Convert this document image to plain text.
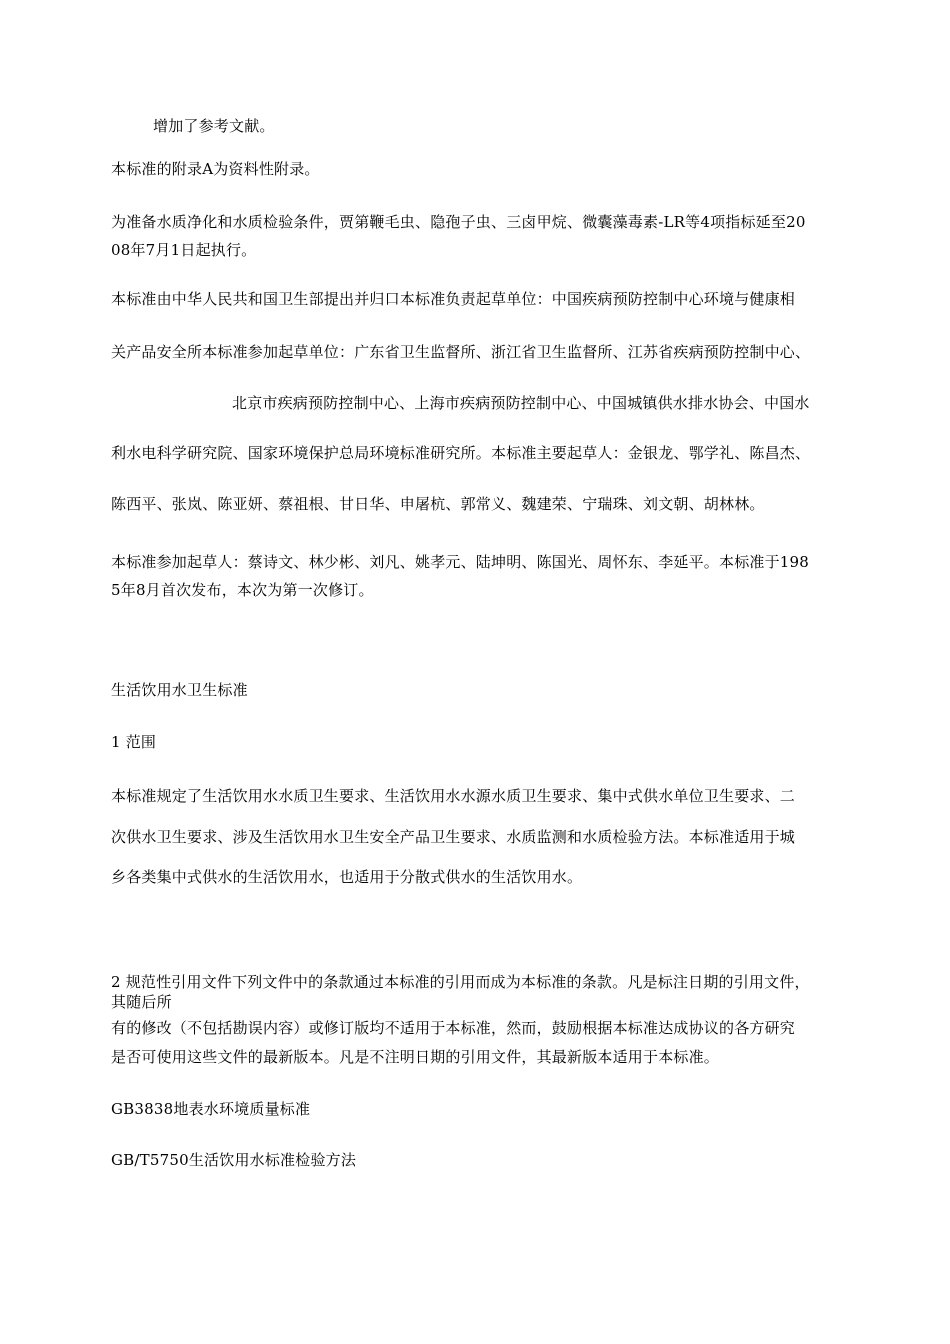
增加了参考文献。

本标准的附录A为资料性附录。

为准备水质净化和水质检验条件，贾第鞭毛虫、隐孢子虫、三卤甲烷、微囊藻毒素-LR等4项指标延至20

08年7月1日起执行。

本标准由中华人民共和国卫生部提出并归口本标准负责起草单位：中国疾病预防控制中心环境与健康相

关产品安全所本标准参加起草单位：广东省卫生监督所、浙江省卫生监督所、江苏省疾病预防控制中心、

北京市疾病预防控制中心、上海市疾病预防控制中心、中国城镇供水排水协会、中国水

利水电科学研究院、国家环境保护总局环境标准研究所。本标准主要起草人：金银龙、鄂学礼、陈昌杰、

陈西平、张岚、陈亚妍、蔡祖根、甘日华、申屠杭、郭常义、魏建荣、宁瑞珠、刘文朝、胡林林。

本标准参加起草人：蔡诗文、林少彬、刘凡、姚孝元、陆坤明、陈国光、周怀东、李延平。本标准于198

5年8月首次发布，本次为第一次修订。

生活饮用水卫生标准

1 范围

本标准规定了生活饮用水水质卫生要求、生活饮用水水源水质卫生要求、集中式供水单位卫生要求、二

次供水卫生要求、涉及生活饮用水卫生安全产品卫生要求、水质监测和水质检验方法。本标准适用于城

乡各类集中式供水的生活饮用水，也适用于分散式供水的生活饮用水。

2 规范性引用文件下列文件中的条款通过本标准的引用而成为本标准的条款。凡是标注日期的引用文件，

其随后所

有的修改（不包括勘误内容）或修订版均不适用于本标准，然而，鼓励根据本标准达成协议的各方研究

是否可使用这些文件的最新版本。凡是不注明日期的引用文件，其最新版本适用于本标准。

GB3838地表水环境质量标准

GB/T5750生活饮用水标准检验方法
